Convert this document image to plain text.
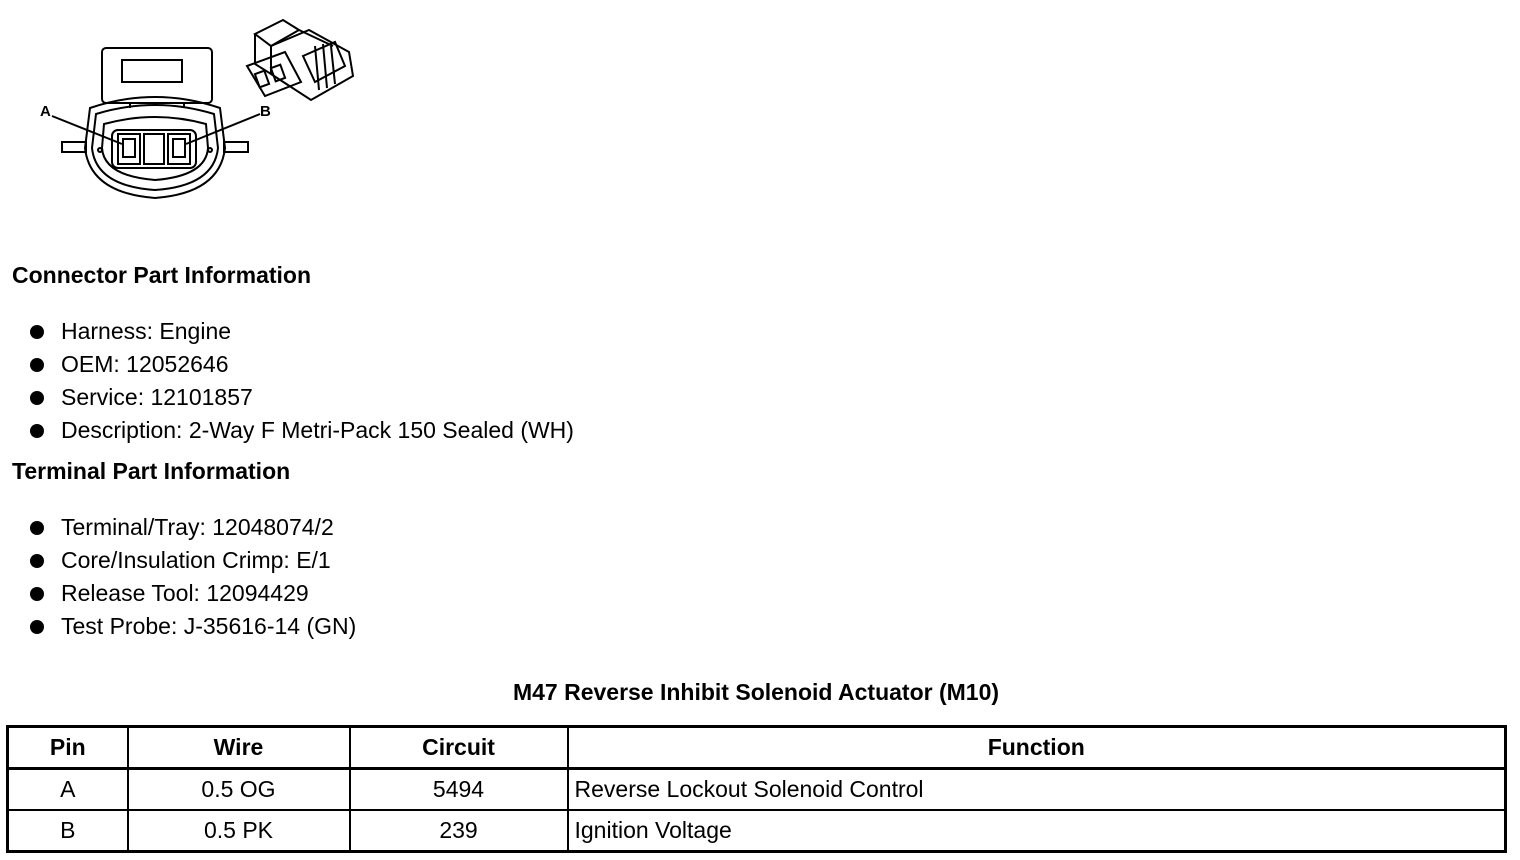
A	B
Connector Part Information
Harness: Engine
OEM: 12052646
Service: 12101857
Description: 2-Way F Metri-Pack 150 Sealed (WH)
Terminal Part Information
Terminal/Tray: 12048074/2
Core/Insulation Crimp: E/1
Release Tool: 12094429
Test Probe: J-35616-14 (GN)
M47 Reverse Inhibit Solenoid Actuator (M10)
Pin	Wire	Circuit	Function
A	0.5 OG	5494	Reverse Lockout Solenoid Control
B	0.5 PK	239	Ignition Voltage
